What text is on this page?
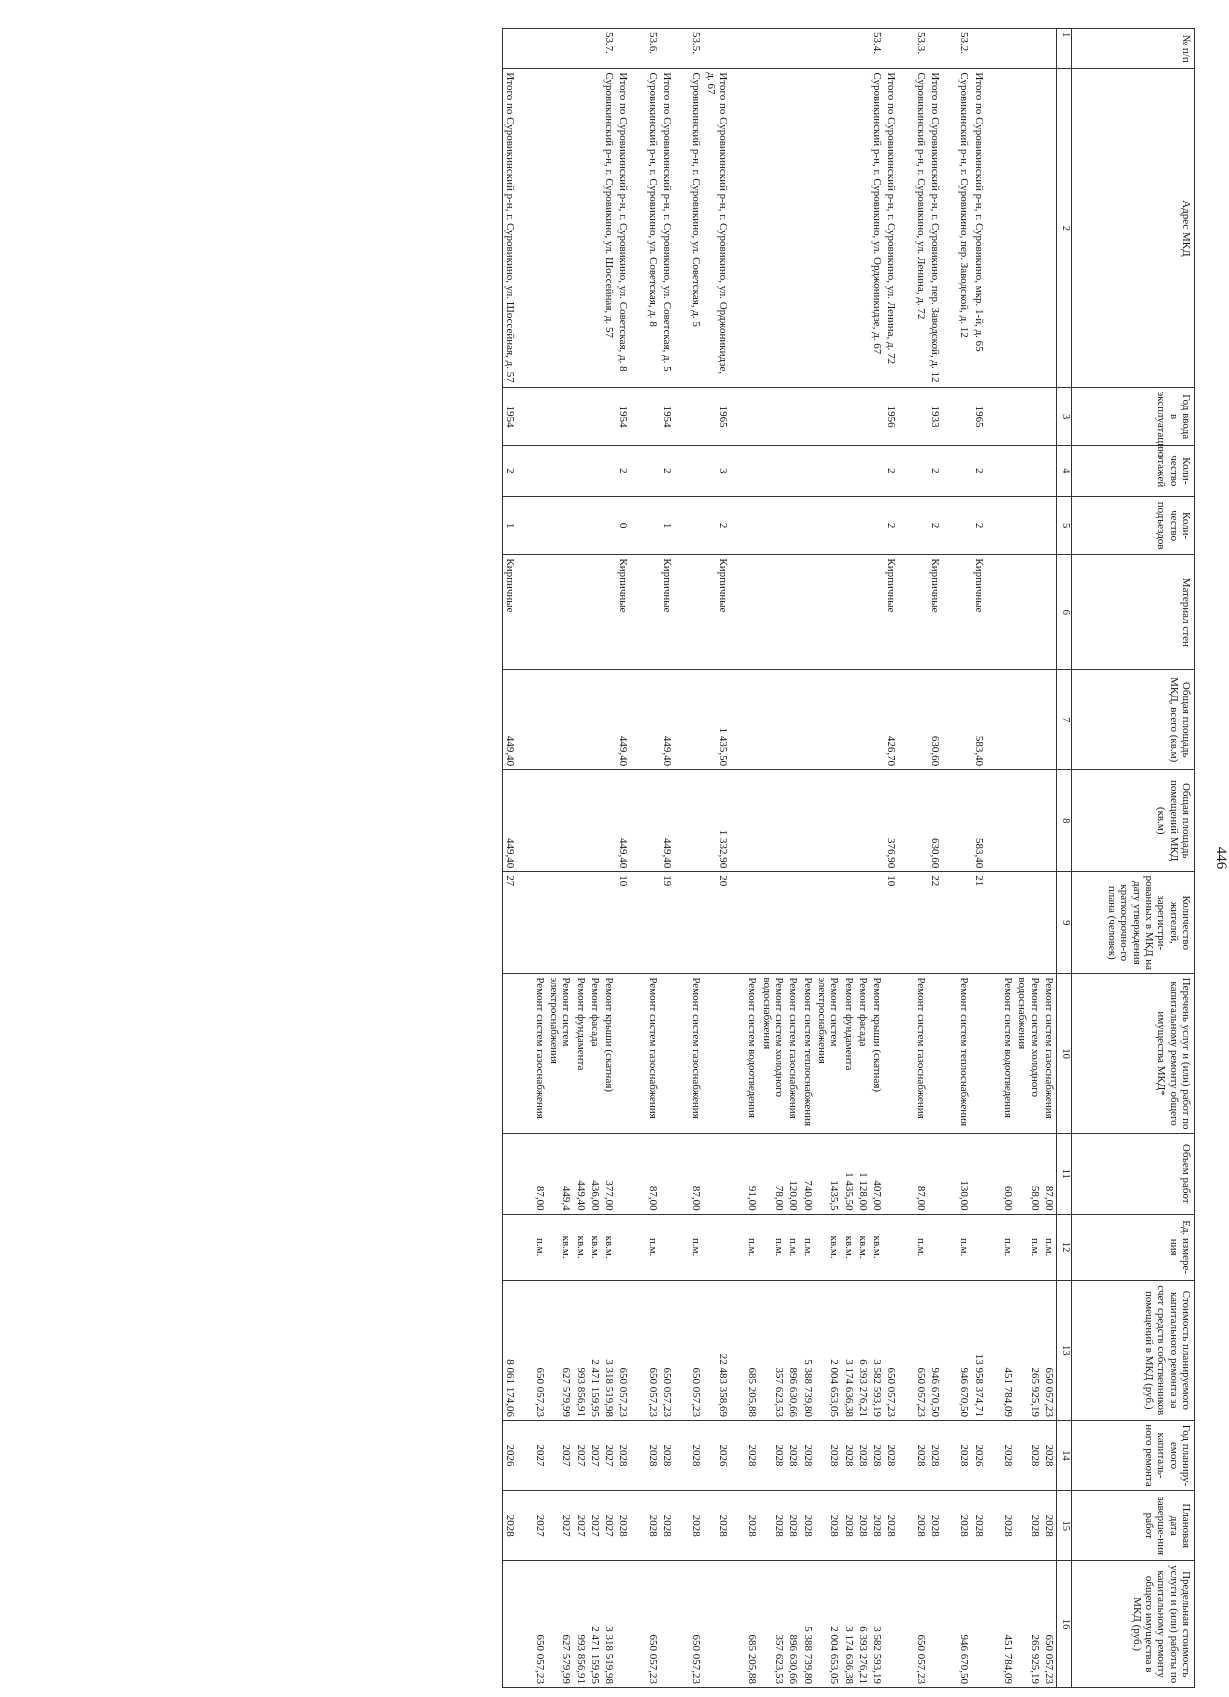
446
№ п/п	Адрес МКД	Год ввода в эксплуатацию	Коли-чество этажей	Коли-чество подъездов	Материал стен	Общая площадь МКД, всего (кв.м)	Общая площадь помещений МКД (кв.м)	Количество жителей, зарегистри-рованных в МКД на дату утверждения краткосрочно-го плана (человек)	Перечень услуг и (или) работ по капитальному ремонту общего имущества МКД*	Объем работ	Ед. измере-ния	Стоимость планируемого капитального ремонта за счет средств собственников помещений в МКД (руб.)	Год планиру-емого капиталь-ного ремонта	Плановая дата заверше-ния работ	Предельная стоимость услуги и (или) работы по капитальному ремонту общего имущества в МКД (руб.)
1	2	3	4	5	6	7	8	9	10	11	12	13	14	15	16
									Ремонт систем газоснабжения	87,00	п.м.	650 057,23	2028	2028	650 057,23
									Ремонт систем холодного водоснабжения	58,00	п.м.	265 925,19	2028	2028	265 925,19
									Ремонт систем водоотведения	60,00	п.м.	451 784,09	2028	2028	451 784,09
	Итого по Суровикинский р-н, г. Суровикино, мкр. 1-й, д. 65	1965	2	2	Кирпичные	583,40	583,40	21				13 958 374,71	2026	2028	
53.2.	Суровикинский р-н, г. Суровикино, пер. Заводской, д. 12								Ремонт систем теплоснабжения	130,00	п.м.	946 670,50	2028	2028	946 670,50
	Итого по Суровикинский р-н, г. Суровикино, пер. Заводской, д. 12	1933	2	2	Кирпичные	630,60	630,60	22				946 670,50	2028	2028	
53.3.	Суровикинский р-н, г. Суровикино, ул. Ленина, д. 72								Ремонт систем газоснабжения	87,00	п.м.	650 057,23	2028	2028	650 057,23
	Итого по Суровикинский р-н, г. Суровикино, ул. Ленина, д. 72	1956	2	2	Кирпичные	426,70	376,90	10				650 057,23	2028	2028	
53.4.	Суровикинский р-н, г. Суровикино, ул. Орджоникидзе, д. 67								Ремонт крыши (скатная)	407,00	кв.м.	3 582 593,19	2028	2028	3 582 593,19
									Ремонт фасада	1 128,00	кв.м.	6 393 276,21	2028	2028	6 393 276,21
									Ремонт фундамента	1 435,50	кв.м.	3 174 636,38	2028	2028	3 174 636,38
									Ремонт систем электроснабжения	1435,5	кв.м.	2 004 653,05	2028	2028	2 004 653,05
									Ремонт систем теплоснабжения	740,00	п.м.	5 388 739,80	2028	2028	5 388 739,80
									Ремонт систем газоснабжения	120,00	п.м.	896 630,66	2028	2028	896 630,66
									Ремонт систем холодного водоснабжения	78,00	п.м.	357 623,53	2028	2028	357 623,53
									Ремонт систем водоотведения	91,00	п.м.	685 205,88	2028	2028	685 205,88
	Итого по Суровикинский р-н, г. Суровикино, ул. Орджоникидзе, д. 67	1965	3	2	Кирпичные	1 435,50	1 332,90	20				22 483 358,69	2026	2028	
53.5.	Суровикинский р-н, г. Суровикино, ул. Советская, д. 5								Ремонт систем газоснабжения	87,00	п.м.	650 057,23	2028	2028	650 057,23
	Итого по Суровикинский р-н, г. Суровикино, ул. Советская, д. 5	1954	2	1	Кирпичные	449,40	449,40	19				650 057,23	2028	2028	
53.6.	Суровикинский р-н, г. Суровикино, ул. Советская, д. 8								Ремонт систем газоснабжения	87,00	п.м.	650 057,23	2028	2028	650 057,23
	Итого по Суровикинский р-н, г. Суровикино, ул. Советская, д. 8	1954	2	0	Кирпичные	449,40	449,40	10				650 057,23	2028	2028	
53.7.	Суровикинский р-н, г. Суровикино, ул. Шоссейная, д. 57								Ремонт крыши (скатная)	377,00	кв.м.	3 318 519,98	2027	2027	3 318 519,98
									Ремонт фасада	436,00	кв.м.	2 471 159,95	2027	2027	2 471 159,95
									Ремонт фундамента	449,40	кв.м.	993 856,91	2027	2027	993 856,91
									Ремонт систем электроснабжения	449,4	кв.м.	627 579,99	2027	2027	627 579,99
									Ремонт систем газоснабжения	87,00	п.м.	650 057,23	2027	2027	650 057,23
	Итого по Суровикинский р-н, г. Суровикино, ул. Шоссейная, д. 57	1954	2	1	Кирпичные	449,40	449,40	27				8 061 174,06	2026	2028	
